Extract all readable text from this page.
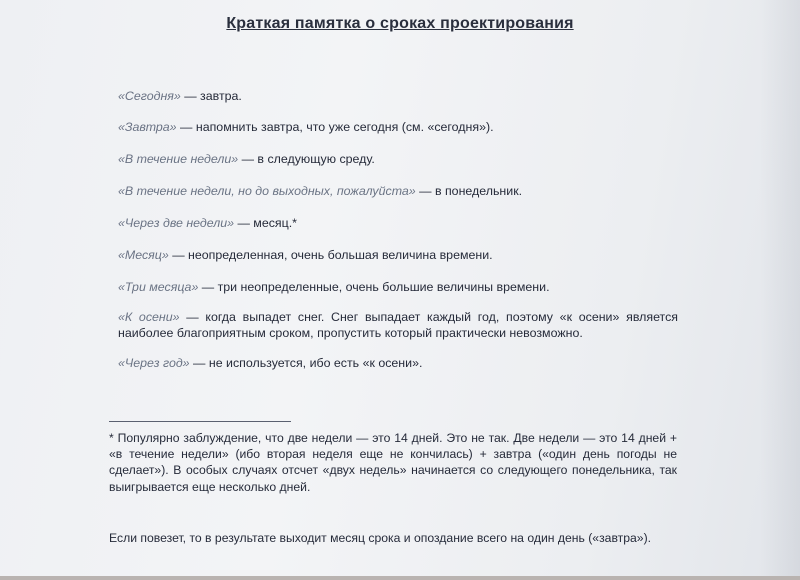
Краткая памятка о сроках проектирования

«Сегодня» — завтра.

«Завтра» — напомнить завтра, что уже сегодня (см. «сегодня»).

«В течение недели» — в следующую среду.

«В течение недели, но до выходных, пожалуйста» — в понедельник.

«Через две недели» — месяц.*

«Месяц» — неопределенная, очень большая величина времени.

«Три месяца» — три неопределенные, очень большие величины времени.

«К осени» — когда выпадет снег. Снег выпадает каждый год, поэтому «к осени» является наиболее благоприятным сроком, пропустить который практически невозможно.

«Через год» — не используется, ибо есть «к осени».

* Популярно заблуждение, что две недели — это 14 дней. Это не так. Две недели — это 14 дней + «в течение недели» (ибо вторая неделя еще не кончилась) + завтра («один день погоды не сделает»). В особых случаях отсчет «двух недель» начинается со следующего понедельника, так выигрывается еще несколько дней.

Если повезет, то в результате выходит месяц срока и опоздание всего на один день («завтра»).
